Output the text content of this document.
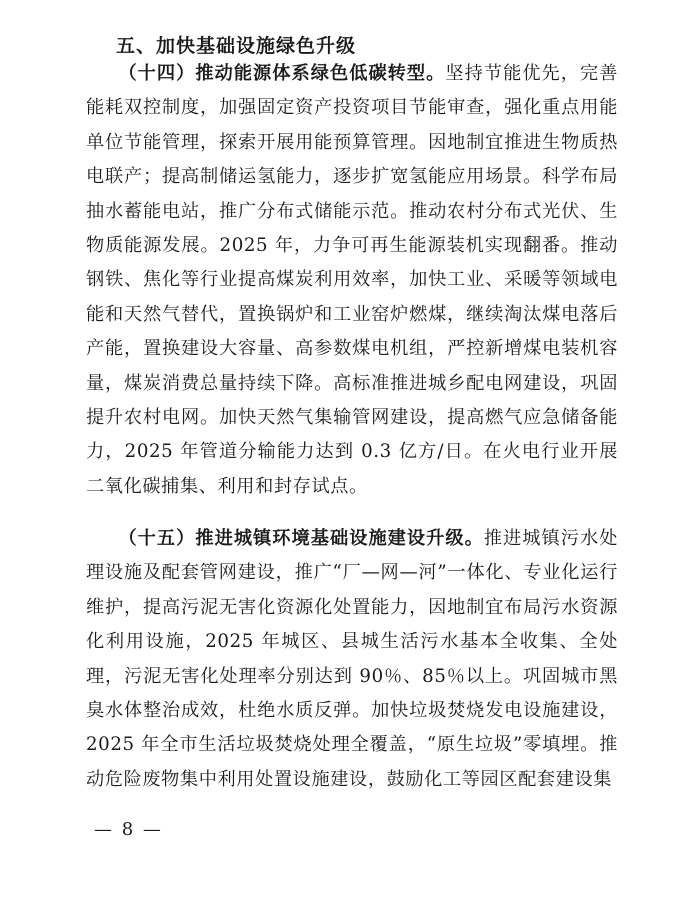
五、加快基础设施绿色升级

（十四）推动能源体系绿色低碳转型。坚持节能优先，完善能耗双控制度，加强固定资产投资项目节能审查，强化重点用能单位节能管理，探索开展用能预算管理。因地制宜推进生物质热电联产；提高制储运氢能力，逐步扩宽氢能应用场景。科学布局抽水蓄能电站，推广分布式储能示范。推动农村分布式光伏、生物质能源发展。2025 年，力争可再生能源装机实现翻番。推动钢铁、焦化等行业提高煤炭利用效率，加快工业、采暖等领域电能和天然气替代，置换锅炉和工业窑炉燃煤，继续淘汰煤电落后产能，置换建设大容量、高参数煤电机组，严控新增煤电装机容量，煤炭消费总量持续下降。高标准推进城乡配电网建设，巩固提升农村电网。加快天然气集输管网建设，提高燃气应急储备能力，2025 年管道分输能力达到 0.3 亿方/日。在火电行业开展二氧化碳捕集、利用和封存试点。

（十五）推进城镇环境基础设施建设升级。推进城镇污水处理设施及配套管网建设，推广“厂—网—河”一体化、专业化运行维护，提高污泥无害化资源化处置能力，因地制宜布局污水资源化利用设施，2025 年城区、县城生活污水基本全收集、全处理，污泥无害化处理率分别达到 90％、85％以上。巩固城市黑臭水体整治成效，杜绝水质反弹。加快垃圾焚烧发电设施建设，2025 年全市生活垃圾焚烧处理全覆盖，“原生垃圾”零填埋。推动危险废物集中利用处置设施建设，鼓励化工等园区配套建设集

— 8 —
